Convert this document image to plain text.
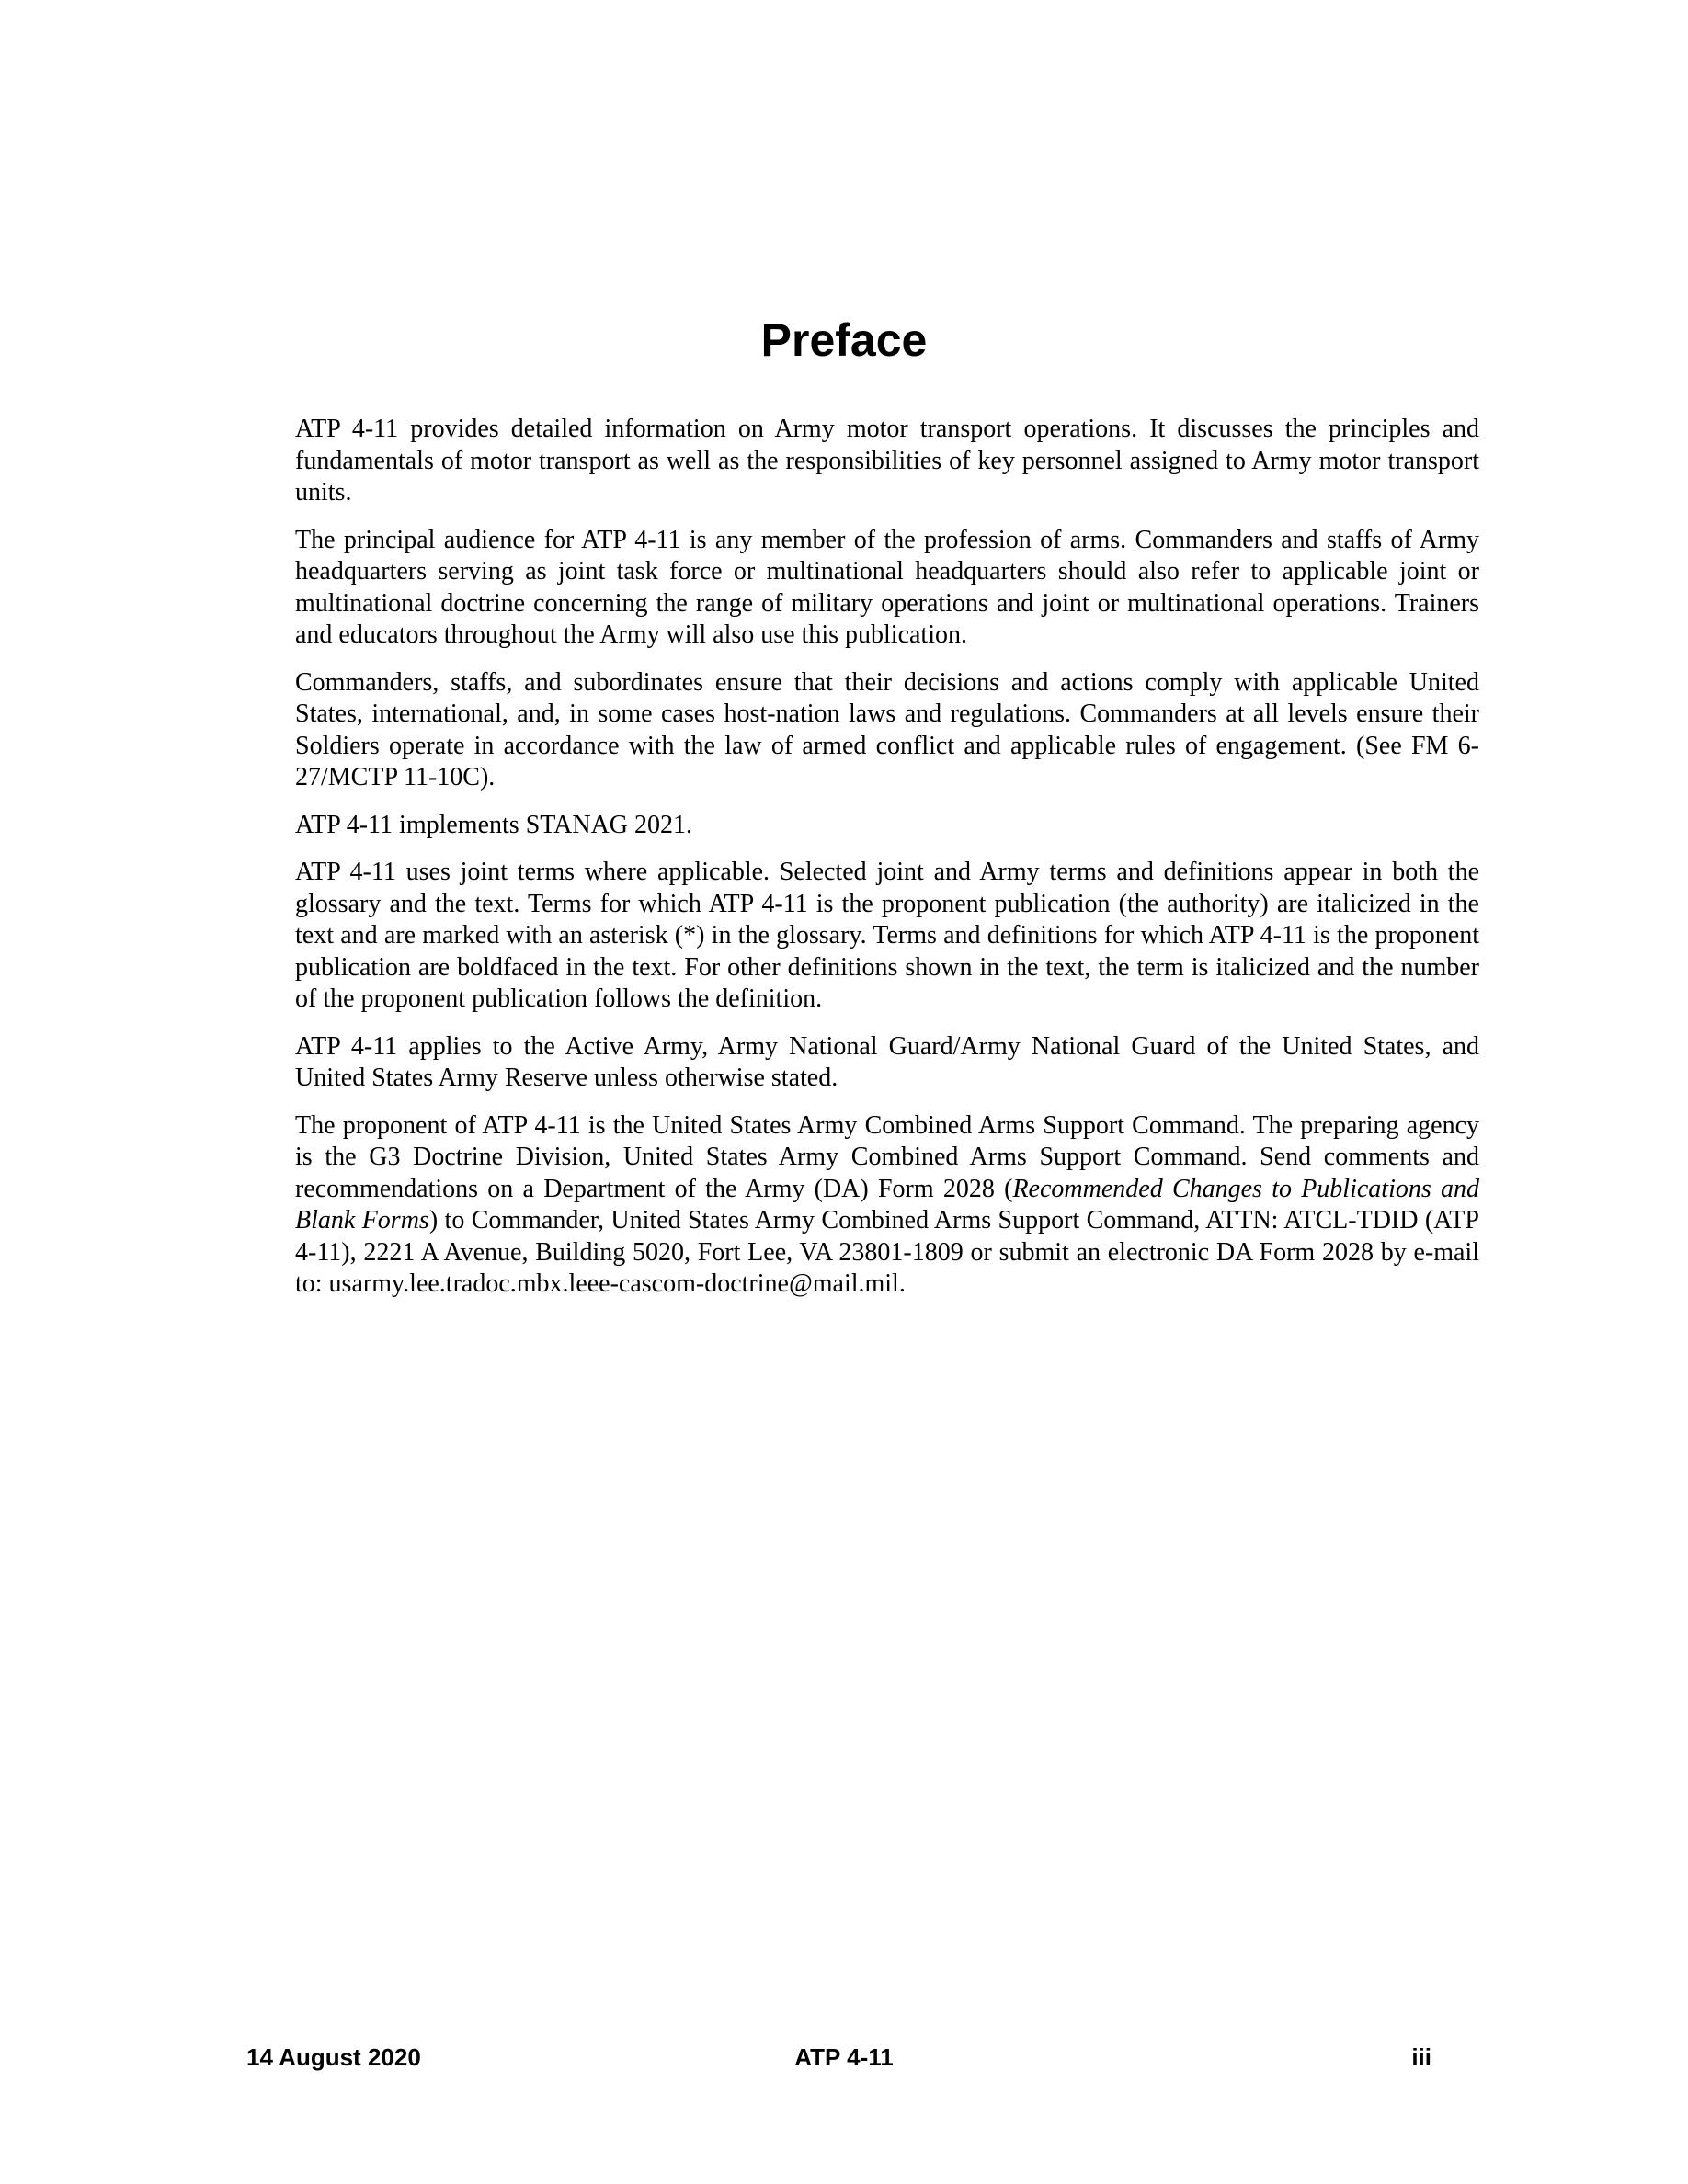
Preface

ATP 4-11 provides detailed information on Army motor transport operations. It discusses the principles and fundamentals of motor transport as well as the responsibilities of key personnel assigned to Army motor transport units.

The principal audience for ATP 4-11 is any member of the profession of arms. Commanders and staffs of Army headquarters serving as joint task force or multinational headquarters should also refer to applicable joint or multinational doctrine concerning the range of military operations and joint or multinational operations. Trainers and educators throughout the Army will also use this publication.

Commanders, staffs, and subordinates ensure that their decisions and actions comply with applicable United States, international, and, in some cases host-nation laws and regulations. Commanders at all levels ensure their Soldiers operate in accordance with the law of armed conflict and applicable rules of engagement. (See FM 6-27/MCTP 11-10C).

ATP 4-11 implements STANAG 2021.

ATP 4-11 uses joint terms where applicable. Selected joint and Army terms and definitions appear in both the glossary and the text. Terms for which ATP 4-11 is the proponent publication (the authority) are italicized in the text and are marked with an asterisk (*) in the glossary. Terms and definitions for which ATP 4-11 is the proponent publication are boldfaced in the text. For other definitions shown in the text, the term is italicized and the number of the proponent publication follows the definition.

ATP 4-11 applies to the Active Army, Army National Guard/Army National Guard of the United States, and United States Army Reserve unless otherwise stated.

The proponent of ATP 4-11 is the United States Army Combined Arms Support Command. The preparing agency is the G3 Doctrine Division, United States Army Combined Arms Support Command. Send comments and recommendations on a Department of the Army (DA) Form 2028 (Recommended Changes to Publications and Blank Forms) to Commander, United States Army Combined Arms Support Command, ATTN: ATCL-TDID (ATP 4-11), 2221 A Avenue, Building 5020, Fort Lee, VA 23801-1809 or submit an electronic DA Form 2028 by e-mail to: usarmy.lee.tradoc.mbx.leee-cascom-doctrine@mail.mil.

14 August 2020	ATP 4-11	iii
